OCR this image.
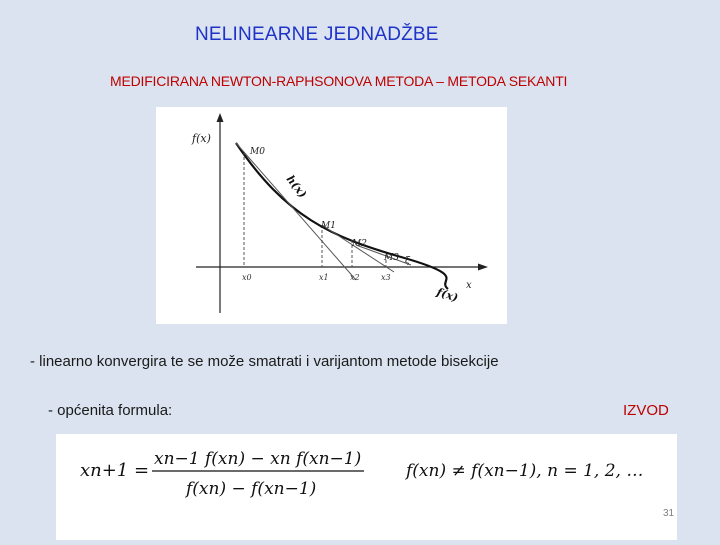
NELINEARNE JEDNADŽBE
MEDIFICIRANA NEWTON-RAPHSONOVA METODA – METODA SEKANTI
f(x)
x
f(x)
h(x)
M0
M1
M2
M3 ξ
x0	x1	x2	x3
- linearno konvergira te se može smatrati i varijantom metode bisekcije
- općenita formula:	IZVOD
xn+1 =
xn−1 f(xn) − xn f(xn−1)
f(xn) − f(xn−1)
f(xn) ≠ f(xn−1), n = 1, 2, …
31
